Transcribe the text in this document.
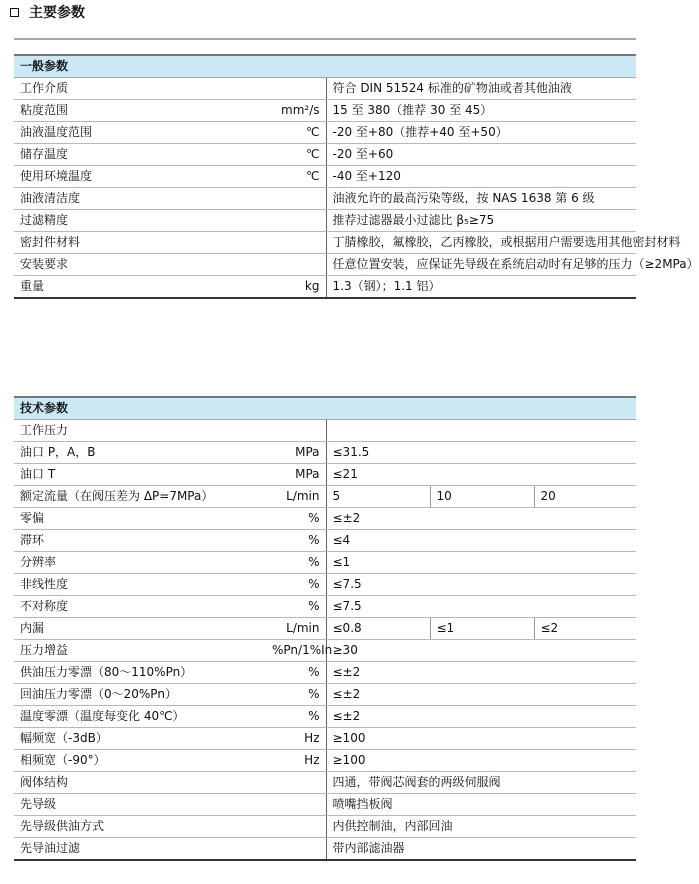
主要参数
一般参数		
工作介质		符合 DIN 51524 标准的矿物油或者其他油液
粘度范围	mm²/s	15 至 380（推荐 30 至 45）
油液温度范围	℃	-20 至+80（推荐+40 至+50）
储存温度	℃	-20 至+60
使用环境温度	℃	-40 至+120
油液清洁度		油液允许的最高污染等级，按 NAS 1638 第 6 级
过滤精度		推荐过滤器最小过滤比 β₅≥75
密封件材料		丁腈橡胶，氟橡胶，乙丙橡胶，或根据用户需要选用其他密封材料
安装要求		任意位置安装，应保证先导级在系统启动时有足够的压力（≥2MPa）
重量	kg	1.3（钢）；1.1 铝）
技术参数				
工作压力				
油口 P，A，B	MPa	≤31.5		
油口 T	MPa	≤21		
额定流量（在阀压差为 ΔP=7MPa）	L/min	5	10	20
零偏	%	≤±2		
滞环	%	≤4		
分辨率	%	≤1		
非线性度	%	≤7.5		
不对称度	%	≤7.5		
内漏	L/min	≤0.8	≤1	≤2
压力增益	%Pn/1%In	≥30		
供油压力零漂（80～110%Pn）	%	≤±2		
回油压力零漂（0～20%Pn）	%	≤±2		
温度零漂（温度每变化 40℃）	%	≤±2		
幅频宽（-3dB）	Hz	≥100		
相频宽（-90°）	Hz	≥100		
阀体结构		四通，带阀芯阀套的两级伺服阀		
先导级		喷嘴挡板阀		
先导级供油方式		内供控制油，内部回油		
先导油过滤		带内部滤油器		
